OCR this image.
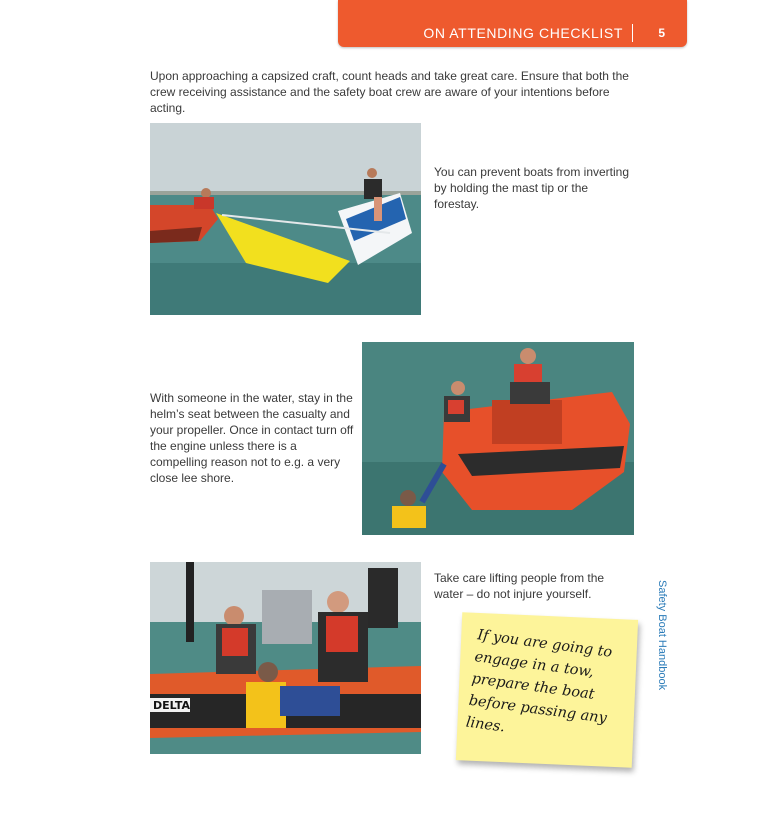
ON ATTENDING CHECKLIST	5

Upon approaching a capsized craft, count heads and take great care. Ensure that both the crew receiving assistance and the safety boat crew are aware of your intentions before acting.

You can prevent boats from inverting by holding the mast tip or the forestay.
With someone in the water, stay in the helm’s seat between the casualty and your propeller. Once in contact turn off the engine unless there is a compelling reason not to e.g. a very close lee shore.
DELTA
Take care lifting people from the water – do not injure yourself.	Safety Boat Handbook
If you are going to engage in a tow, prepare the boat before passing any lines.
